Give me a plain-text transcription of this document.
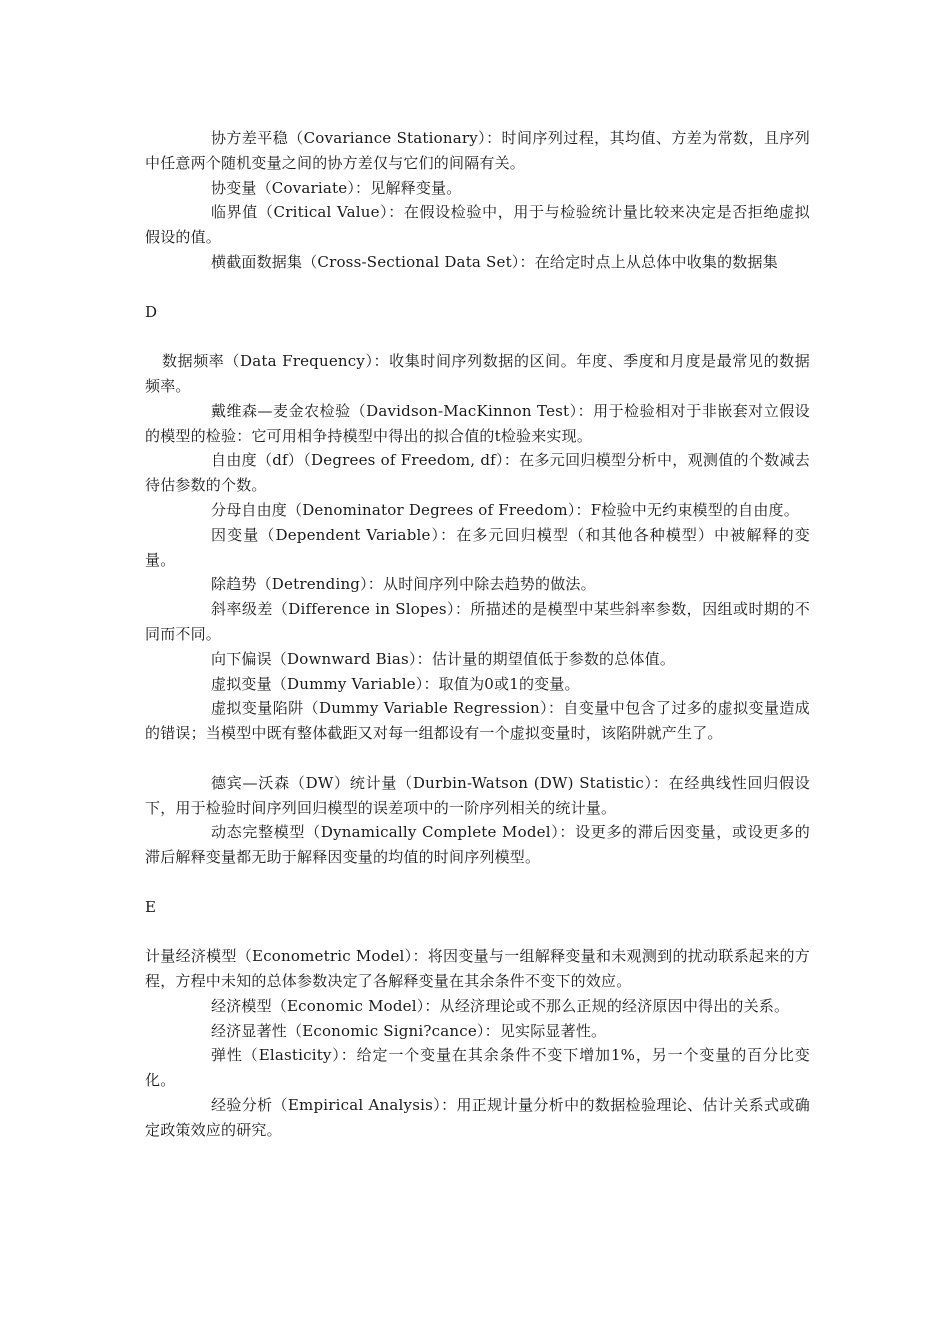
协方差平稳（Covariance Stationary）：时间序列过程，其均值、方差为常数，且序列中任意两个随机变量之间的协方差仅与它们的间隔有关。

协变量（Covariate）：见解释变量。

临界值（Critical Value）：在假设检验中，用于与检验统计量比较来决定是否拒绝虚拟假设的值。

横截面数据集（Cross-Sectional Data Set）：在给定时点上从总体中收集的数据集

D

数据频率（Data Frequency）：收集时间序列数据的区间。年度、季度和月度是最常见的数据频率。

戴维森—麦金农检验（Davidson-MacKinnon Test）：用于检验相对于非嵌套对立假设的模型的检验：它可用相争持模型中得出的拟合值的t检验来实现。

自由度（df）（Degrees of Freedom, df）：在多元回归模型分析中，观测值的个数减去待估参数的个数。

分母自由度（Denominator Degrees of Freedom）：F检验中无约束模型的自由度。

因变量（Dependent Variable）：在多元回归模型（和其他各种模型）中被解释的变量。

除趋势（Detrending）：从时间序列中除去趋势的做法。

斜率级差（Difference in Slopes）：所描述的是模型中某些斜率参数，因组或时期的不同而不同。

向下偏误（Downward Bias）：估计量的期望值低于参数的总体值。

虚拟变量（Dummy Variable）：取值为0或1的变量。

虚拟变量陷阱（Dummy Variable Regression）：自变量中包含了过多的虚拟变量造成的错误；当模型中既有整体截距又对每一组都设有一个虚拟变量时，该陷阱就产生了。

德宾—沃森（DW）统计量（Durbin-Watson (DW) Statistic）：在经典线性回归假设下，用于检验时间序列回归模型的误差项中的一阶序列相关的统计量。

动态完整模型（Dynamically Complete Model）：设更多的滞后因变量，或设更多的滞后解释变量都无助于解释因变量的均值的时间序列模型。

E

计量经济模型（Econometric Model）：将因变量与一组解释变量和未观测到的扰动联系起来的方程，方程中未知的总体参数决定了各解释变量在其余条件不变下的效应。

经济模型（Economic Model）：从经济理论或不那么正规的经济原因中得出的关系。

经济显著性（Economic Signi?cance）：见实际显著性。

弹性（Elasticity）：给定一个变量在其余条件不变下增加1%，另一个变量的百分比变化。

经验分析（Empirical Analysis）：用正规计量分析中的数据检验理论、估计关系式或确定政策效应的研究。
